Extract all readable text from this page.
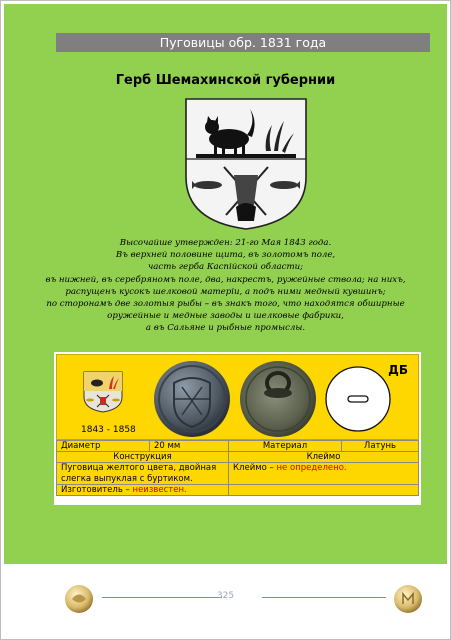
Пуговицы обр. 1831 года
Герб Шемахинской губернии
Высочайше утвержден: 21-го Мая 1843 года.
Въ верхней половине щита, въ золотомъ поле,
часть герба Каспiйской области;
въ нижней, въ серебряномъ поле, два, накрестъ, ружейные ствола; на нихъ,
распущенъ кусокъ шелковой матерiи, а подъ ними медный кувшинъ;
по сторонамъ две золотыя рыбы – въ знакъ того, что находятся обширные
оружейные и медные заводы и шелковые фабрики,
а въ Сальяне и рыбные промыслы.
1843 - 1858
ДБ
Диаметр	20 мм	Материал	Латунь
Конструкция		Клеймо	
Пуговица желтого цвета, двойная слегка выпуклая с буртиком.		Клеймо – не определено.	
Изготовитель – неизвестен.			
325
